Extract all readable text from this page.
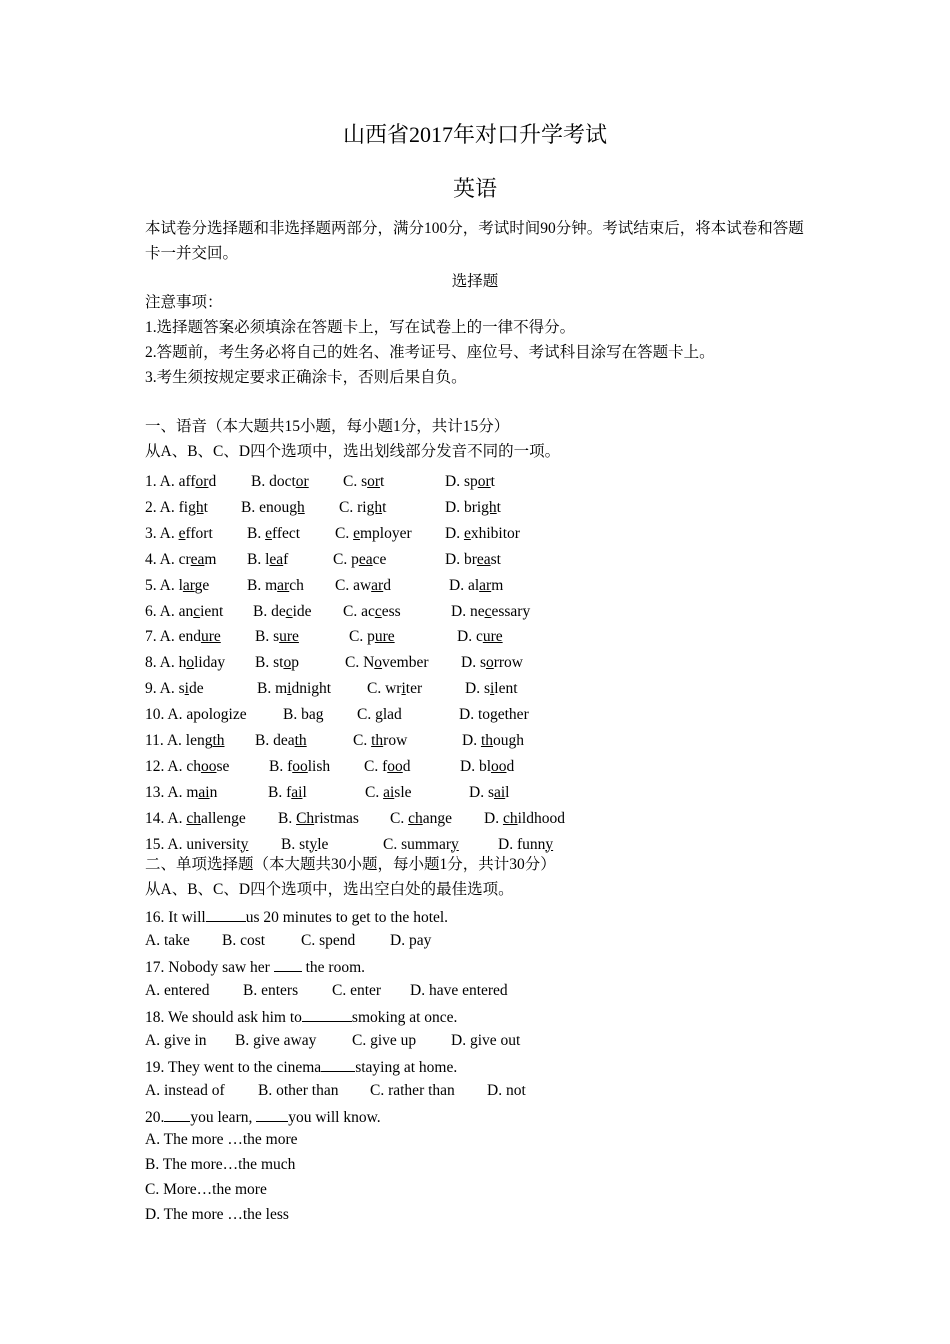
山西省2017年对口升学考试
英语
本试卷分选择题和非选择题两部分，满分100分，考试时间90分钟。考试结束后，将本试卷和答题卡一并交回。
选择题
注意事项：
1.选择题答案必须填涂在答题卡上，写在试卷上的一律不得分。
2.答题前，考生务必将自己的姓名、准考证号、座位号、考试科目涂写在答题卡上。
3.考生须按规定要求正确涂卡，否则后果自负。
一、语音（本大题共15小题，每小题1分，共计15分）
从A、B、C、D四个选项中，选出划线部分发音不同的一项。
1. A. afford B. doctor C. sort	D. sport
2. A. fight B. enough C. right	D. bright
3. A. effort B. effect C. employer D. exhibitor
4. A. cream B. leaf	C. peace	D. breast
5. A. large B. march C. award	D. alarm
6. A. ancient B. decide C. access	D. necessary
7. A. endure B. sure	C. pure	D. cure
8. A. holiday B. stop	C. November D. sorrow
9. A. side	B. midnight C. writer	D. silent
10. A. apologize B. bag C. glad	D. together
11. A. length B. death	C. throw	D. though
12. A. choose	B. foolish C. food	D. blood
13. A. main	B. fail	C. aisle	D. sail
14. A. challenge B. Christmas C. change D. childhood
15. A. university B. style	C. summary	D. funny
二、单项选择题（本大题共30小题，每小题1分，共计30分）
从A、B、C、D四个选项中，选出空白处的最佳选项。
16. It will	us 20 minutes to get to the hotel.
A. take B. cost C. spend D. pay
17. Nobody saw her  the room.
A. entered B. enters C. enter D. have entered
18. We should ask him to	smoking at once.
A. give in B. give away C. give up D. give out
19. They went to the cinema staying at home.
A. instead of B. other than C. rather than D. not
20. you learn, you will know.
A. The more …the more
B. The more…the much
C. More…the more
D. The more …the less
